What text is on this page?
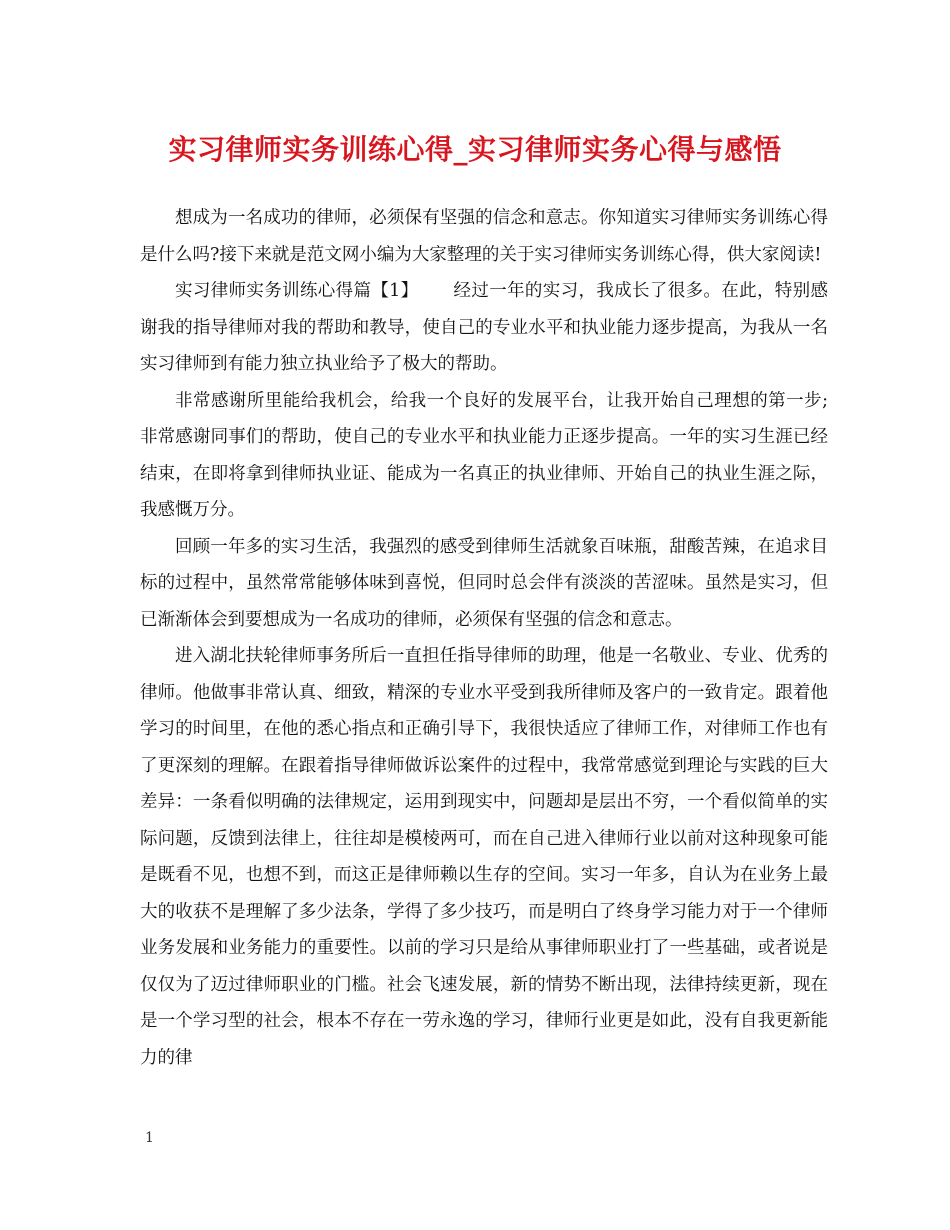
实习律师实务训练心得_实习律师实务心得与感悟

想成为一名成功的律师，必须保有坚强的信念和意志。你知道实习律师实务训练心得是什么吗?接下来就是范文网小编为大家整理的关于实习律师实务训练心得，供大家阅读!

实习律师实务训练心得篇【1】 经过一年的实习，我成长了很多。在此，特别感谢我的指导律师对我的帮助和教导，使自己的专业水平和执业能力逐步提高，为我从一名实习律师到有能力独立执业给予了极大的帮助。

非常感谢所里能给我机会，给我一个良好的发展平台，让我开始自己理想的第一步;非常感谢同事们的帮助，使自己的专业水平和执业能力正逐步提高。一年的实习生涯已经结束，在即将拿到律师执业证、能成为一名真正的执业律师、开始自己的执业生涯之际，我感慨万分。

回顾一年多的实习生活，我强烈的感受到律师生活就象百味瓶，甜酸苦辣，在追求目标的过程中，虽然常常能够体味到喜悦，但同时总会伴有淡淡的苦涩味。虽然是实习，但已渐渐体会到要想成为一名成功的律师，必须保有坚强的信念和意志。

进入湖北扶轮律师事务所后一直担任指导律师的助理，他是一名敬业、专业、优秀的律师。他做事非常认真、细致，精深的专业水平受到我所律师及客户的一致肯定。跟着他学习的时间里，在他的悉心指点和正确引导下，我很快适应了律师工作，对律师工作也有了更深刻的理解。在跟着指导律师做诉讼案件的过程中，我常常感觉到理论与实践的巨大差异：一条看似明确的法律规定，运用到现实中，问题却是层出不穷，一个看似简单的实际问题，反馈到法律上，往往却是模棱两可，而在自己进入律师行业以前对这种现象可能是既看不见，也想不到，而这正是律师赖以生存的空间。实习一年多，自认为在业务上最大的收获不是理解了多少法条，学得了多少技巧，而是明白了终身学习能力对于一个律师业务发展和业务能力的重要性。以前的学习只是给从事律师职业打了一些基础，或者说是仅仅为了迈过律师职业的门槛。社会飞速发展，新的情势不断出现，法律持续更新，现在是一个学习型的社会，根本不存在一劳永逸的学习，律师行业更是如此，没有自我更新能力的律

1
